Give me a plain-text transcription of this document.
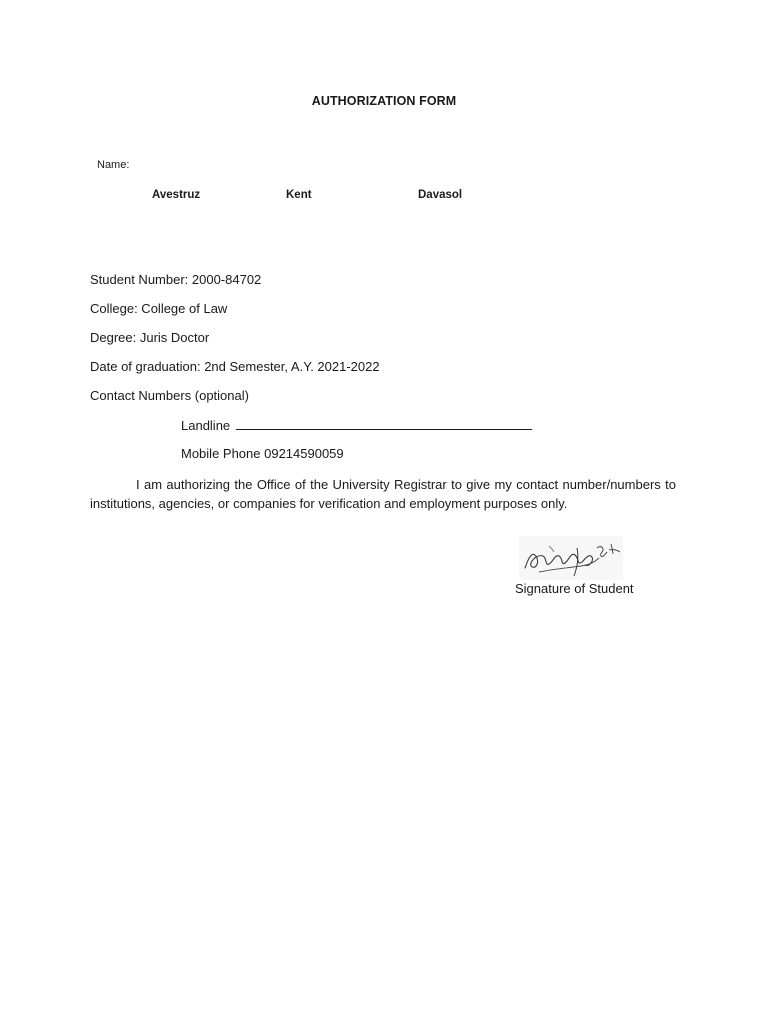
AUTHORIZATION FORM
Name:
Avestruz	Kent	Davasol
Student Number: 2000-84702
College: College of Law
Degree: Juris Doctor
Date of graduation: 2nd Semester, A.Y. 2021-2022
Contact Numbers (optional)
Landline
Mobile Phone 09214590059
I am authorizing the Office of the University Registrar to give my contact number/numbers to institutions, agencies, or companies for verification and employment purposes only.
Signature of Student
